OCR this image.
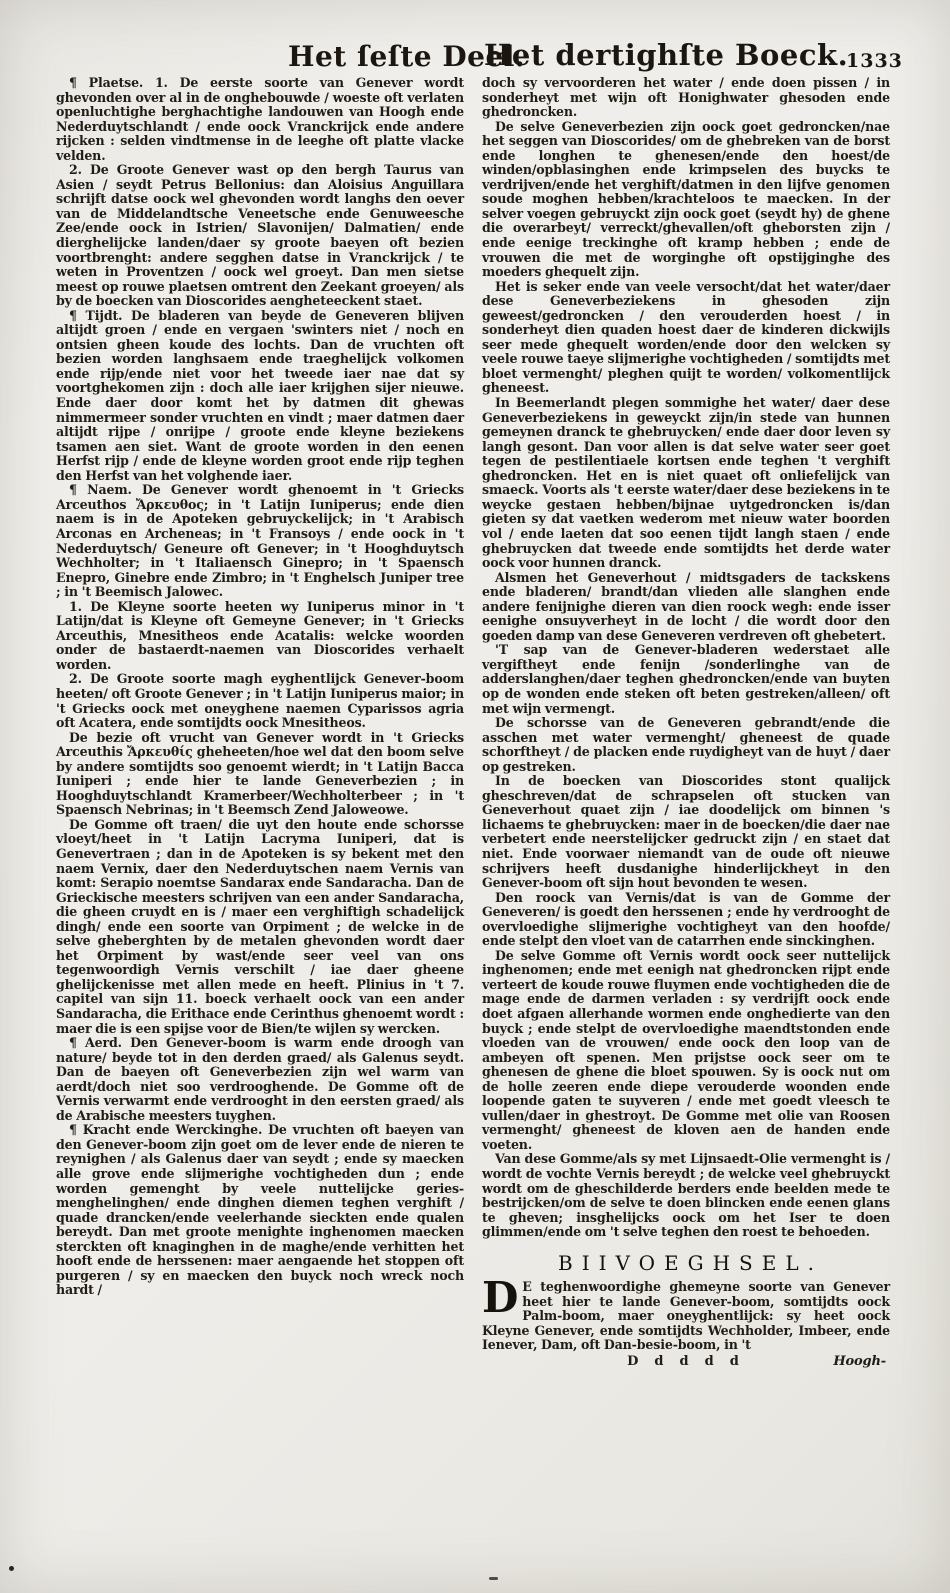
Het ſeſte Deel.
Het dertighſte Boeck.
1333

¶ Plaetse. 1. De eerste soorte van Genever wordt ghevonden over al in de onghebouwde / woeste oft verlaten openluchtighe berghachtighe landouwen van Hoogh ende Nederduytschlandt / ende oock Vranckrijck ende andere rijcken : selden vindtmense in de leeghe oft platte vlacke velden.

2. De Groote Genever wast op den bergh Taurus van Asien / seydt Petrus Bellonius: dan Aloisius Anguillara schrijft datse oock wel ghevonden wordt langhs den oever van de Middelandtsche Veneetsche ende Genuweesche Zee/ende oock in Istrien/ Slavonijen/ Dalmatien/ ende dierghelijcke landen/daer sy groote baeyen oft bezien voortbrenght: andere segghen datse in Vranckrijck / te weten in Proventzen / oock wel groeyt. Dan men sietse meest op rouwe plaetsen omtrent den Zeekant groeyen/ als by de boecken van Dioscorides aengheteeckent staet.

¶ Tijdt. De bladeren van beyde de Geneveren blijven altijdt groen / ende en vergaen 'swinters niet / noch en ontsien gheen koude des lochts. Dan de vruchten oft bezien worden langhsaem ende traeghelijck volkomen ende rijp/ende niet voor het tweede iaer nae dat sy voortghekomen zijn : doch alle iaer krijghen sijer nieuwe. Ende daer door komt het by datmen dit ghewas nimmermeer sonder vruchten en vindt ; maer datmen daer altijdt rijpe / onrijpe / groote ende kleyne beziekens tsamen aen siet. Want de groote worden in den eenen Herfst rijp / ende de kleyne worden groot ende rijp teghen den Herfst van het volghende iaer.

¶ Naem. De Genever wordt ghenoemt in 't Griecks Arceuthos Ἄρκευθος; in 't Latijn Iuniperus; ende dien naem is in de Apoteken gebruyckelijck; in 't Arabisch Arconas en Archeneas; in 't Fransoys / ende oock in 't Nederduytsch/ Geneure oft Genever; in 't Hooghduytsch Wechholter; in 't Italiaensch Ginepro; in 't Spaensch Enepro, Ginebre ende Zimbro; in 't Enghelsch Juniper tree ; in 't Beemisch Jalowec.

1. De Kleyne soorte heeten wy Iuniperus minor in 't Latijn/dat is Kleyne oft Gemeyne Genever; in 't Griecks Arceuthis, Mnesitheos ende Acatalis: welcke woorden onder de bastaerdt-naemen van Dioscorides verhaelt worden.

2. De Groote soorte magh eyghentlijck Genever-boom heeten/ oft Groote Genever ; in 't Latijn Iuniperus maior; in 't Griecks oock met oneyghene naemen Cyparissos agria oft Acatera, ende somtijdts oock Mnesitheos.

De bezie oft vrucht van Genever wordt in 't Griecks Arceuthis Ἄρκευθίς gheheeten/hoe wel dat den boom selve by andere somtijdts soo genoemt wierdt; in 't Latijn Bacca Iuniperi ; ende hier te lande Geneverbezien ; in Hooghduytschlandt Kramerbeer/Wechholterbeer ; in 't Spaensch Nebrinas; in 't Beemsch Zend Jaloweowe.

De Gomme oft traen/ die uyt den houte ende schorsse vloeyt/heet in 't Latijn Lacryma Iuniperi, dat is Genevertraen ; dan in de Apoteken is sy bekent met den naem Vernix, daer den Nederduytschen naem Vernis van komt: Serapio noemtse Sandarax ende Sandaracha. Dan de Grieckische meesters schrijven van een ander Sandaracha, die gheen cruydt en is / maer een verghiftigh schadelijck dingh/ ende een soorte van Orpiment ; de welcke in de selve gheberghten by de metalen ghevonden wordt daer het Orpiment by wast/ende seer veel van ons tegenwoordigh Vernis verschilt / iae daer gheene ghelijckenisse met allen mede en heeft. Plinius in 't 7. capitel van sijn 11. boeck verhaelt oock van een ander Sandaracha, die Erithace ende Cerinthus ghenoemt wordt : maer die is een spijse voor de Bien/te wijlen sy wercken.

¶ Aerd. Den Genever-boom is warm ende droogh van nature/ beyde tot in den derden graed/ als Galenus seydt. Dan de baeyen oft Geneverbezien zijn wel warm van aerdt/doch niet soo verdrooghende. De Gomme oft de Vernis verwarmt ende verdrooght in den eersten graed/ als de Arabische meesters tuyghen.

¶ Kracht ende Werckinghe. De vruchten oft baeyen van den Genever-boom zijn goet om de lever ende de nieren te reynighen / als Galenus daer van seydt ; ende sy maecken alle grove ende slijmerighe vochtigheden dun ; ende worden gemenght by veele nuttelijcke geries-menghelinghen/ ende dinghen diemen teghen verghift / quade drancken/ende veelerhande sieckten ende qualen bereydt. Dan met groote menighte inghenomen maecken sterckten oft knaginghen in de maghe/ende verhitten het hooft ende de herssenen: maer aengaende het stoppen oft purgeren / sy en maecken den buyck noch wreck noch hardt /

doch sy vervoorderen het water / ende doen pissen / in sonderheyt met wijn oft Honighwater ghesoden ende ghedroncken.

De selve Geneverbezien zijn oock goet gedroncken/nae het seggen van Dioscorides/ om de ghebreken van de borst ende longhen te ghenesen/ende den hoest/de winden/opblasinghen ende krimpselen des buycks te verdrijven/ende het verghift/datmen in den lijfve genomen soude moghen hebben/krachteloos te maecken. In der selver voegen gebruyckt zijn oock goet (seydt hy) de ghene die overarbeyt/ verreckt/ghevallen/oft gheborsten zijn / ende eenige treckinghe oft kramp hebben ; ende de vrouwen die met de worginghe oft opstijginghe des moeders ghequelt zijn.

Het is seker ende van veele versocht/dat het water/daer dese Geneverbeziekens in ghesoden zijn geweest/gedroncken / den verouderden hoest / in sonderheyt dien quaden hoest daer de kinderen dickwijls seer mede ghequelt worden/ende door den welcken sy veele rouwe taeye slijmerighe vochtigheden / somtijdts met bloet vermenght/ pleghen quijt te worden/ volkomentlijck gheneest.

In Beemerlandt plegen sommighe het water/ daer dese Geneverbeziekens in geweyckt zijn/in stede van hunnen gemeynen dranck te ghebruycken/ ende daer door leven sy langh gesont. Dan voor allen is dat selve water seer goet tegen de pestilentiaele kortsen ende teghen 't verghift ghedroncken. Het en is niet quaet oft onliefelijck van smaeck. Voorts als 't eerste water/daer dese beziekens in te weycke gestaen hebben/bijnae uytgedroncken is/dan gieten sy dat vaetken wederom met nieuw water boorden vol / ende laeten dat soo eenen tijdt langh staen / ende ghebruycken dat tweede ende somtijdts het derde water oock voor hunnen dranck.

Alsmen het Geneverhout / midtsgaders de tackskens ende bladeren/ brandt/dan vlieden alle slanghen ende andere fenijnighe dieren van dien roock wegh: ende isser eenighe onsuyverheyt in de locht / die wordt door den goeden damp van dese Geneveren verdreven oft ghebetert.

'T sap van de Genever-bladeren wederstaet alle vergiftheyt ende fenijn /sonderlinghe van de adderslanghen/daer teghen ghedroncken/ende van buyten op de wonden ende steken oft beten gestreken/alleen/ oft met wijn vermengt.

De schorsse van de Geneveren gebrandt/ende die asschen met water vermenght/ gheneest de quade schorftheyt / de placken ende ruydigheyt van de huyt / daer op gestreken.

In de boecken van Dioscorides stont qualijck gheschreven/dat de schrapselen oft stucken van Geneverhout quaet zijn / iae doodelijck om binnen 's lichaems te ghebruycken: maer in de boecken/die daer nae verbetert ende neerstelijcker gedruckt zijn / en staet dat niet. Ende voorwaer niemandt van de oude oft nieuwe schrijvers heeft dusdanighe hinderlijckheyt in den Genever-boom oft sijn hout bevonden te wesen.

Den roock van Vernis/dat is van de Gomme der Geneveren/ is goedt den herssenen ; ende hy verdrooght de overvloedighe slijmerighe vochtigheyt van den hoofde/ ende stelpt den vloet van de catarrhen ende sinckinghen.

De selve Gomme oft Vernis wordt oock seer nuttelijck inghenomen; ende met eenigh nat ghedroncken rijpt ende verteert de koude rouwe fluymen ende vochtigheden die de mage ende de darmen verladen : sy verdrijft oock ende doet afgaen allerhande wormen ende onghedierte van den buyck ; ende stelpt de overvloedighe maendtstonden ende vloeden van de vrouwen/ ende oock den loop van de ambeyen oft spenen. Men prijstse oock seer om te ghenesen de ghene die bloet spouwen. Sy is oock nut om de holle zeeren ende diepe verouderde woonden ende loopende gaten te suyveren / ende met goedt vleesch te vullen/daer in ghestroyt. De Gomme met olie van Roosen vermenght/ gheneest de kloven aen de handen ende voeten.

Van dese Gomme/als sy met Lijnsaedt-Olie vermenght is / wordt de vochte Vernis bereydt ; de welcke veel ghebruyckt wordt om de gheschilderde berders ende beelden mede te bestrijcken/om de selve te doen blincken ende eenen glans te gheven; insghelijcks oock om het Iser te doen glimmen/ende om 't selve teghen den roest te behoeden.

BIIVOEGHSEL.

D E teghenwoordighe ghemeyne soorte van Genever heet hier te lande Genever-boom, somtijdts oock Palm-boom, maer oneyghentlijck: sy heet oock Kleyne Genever, ende somtijdts Wechholder, Imbeer, ende Ienever, Dam, oft Dan-besie-boom, in 't

D d d d d	Hoogh-
